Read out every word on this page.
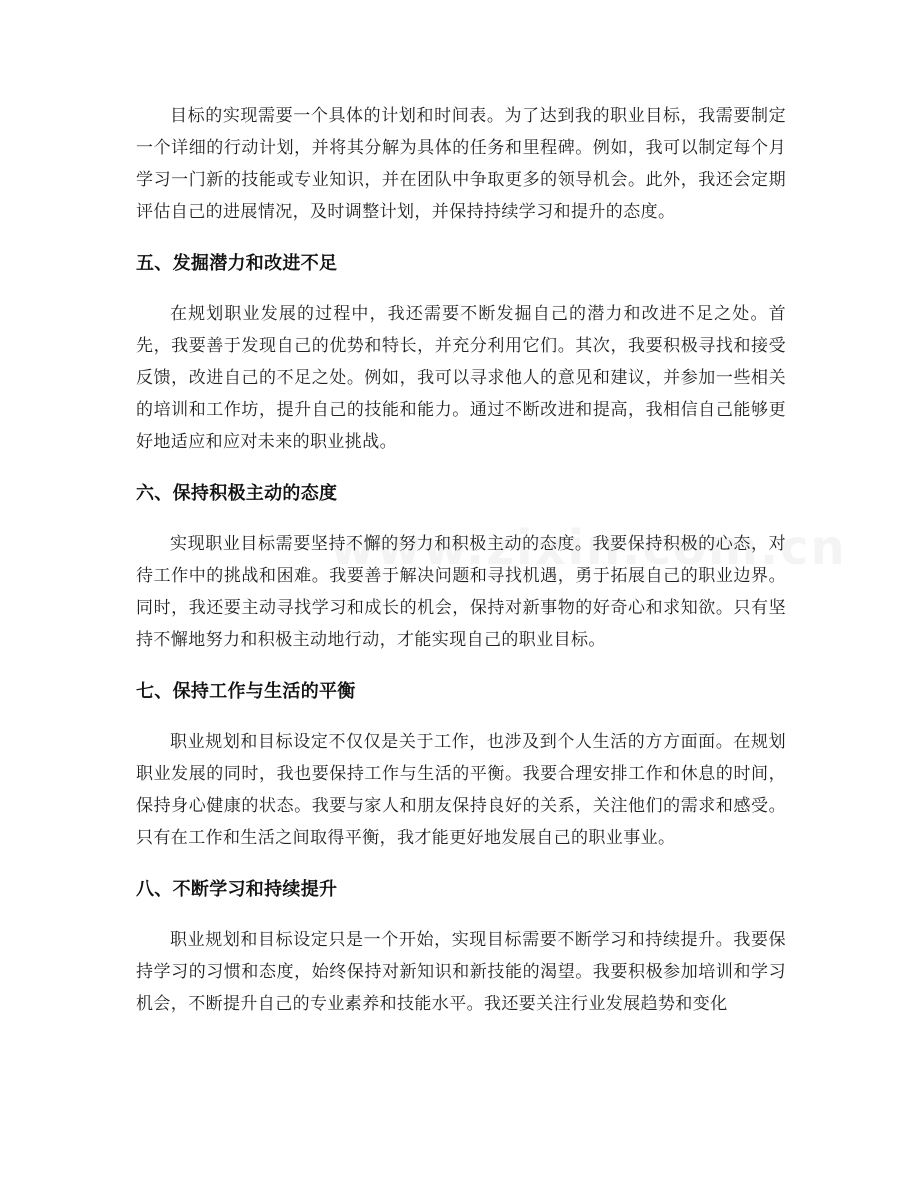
目标的实现需要一个具体的计划和时间表。为了达到我的职业目标，我需要制定一个详细的行动计划，并将其分解为具体的任务和里程碑。例如，我可以制定每个月学习一门新的技能或专业知识，并在团队中争取更多的领导机会。此外，我还会定期评估自己的进展情况，及时调整计划，并保持持续学习和提升的态度。

五、发掘潜力和改进不足

在规划职业发展的过程中，我还需要不断发掘自己的潜力和改进不足之处。首先，我要善于发现自己的优势和特长，并充分利用它们。其次，我要积极寻找和接受反馈，改进自己的不足之处。例如，我可以寻求他人的意见和建议，并参加一些相关的培训和工作坊，提升自己的技能和能力。通过不断改进和提高，我相信自己能够更好地适应和应对未来的职业挑战。

六、保持积极主动的态度

实现职业目标需要坚持不懈的努力和积极主动的态度。我要保持积极的心态，对待工作中的挑战和困难。我要善于解决问题和寻找机遇，勇于拓展自己的职业边界。同时，我还要主动寻找学习和成长的机会，保持对新事物的好奇心和求知欲。只有坚持不懈地努力和积极主动地行动，才能实现自己的职业目标。

七、保持工作与生活的平衡

职业规划和目标设定不仅仅是关于工作，也涉及到个人生活的方方面面。在规划职业发展的同时，我也要保持工作与生活的平衡。我要合理安排工作和休息的时间，保持身心健康的状态。我要与家人和朋友保持良好的关系，关注他们的需求和感受。只有在工作和生活之间取得平衡，我才能更好地发展自己的职业事业。

八、不断学习和持续提升

职业规划和目标设定只是一个开始，实现目标需要不断学习和持续提升。我要保持学习的习惯和态度，始终保持对新知识和新技能的渴望。我要积极参加培训和学习机会，不断提升自己的专业素养和技能水平。我还要关注行业发展趋势和变化
